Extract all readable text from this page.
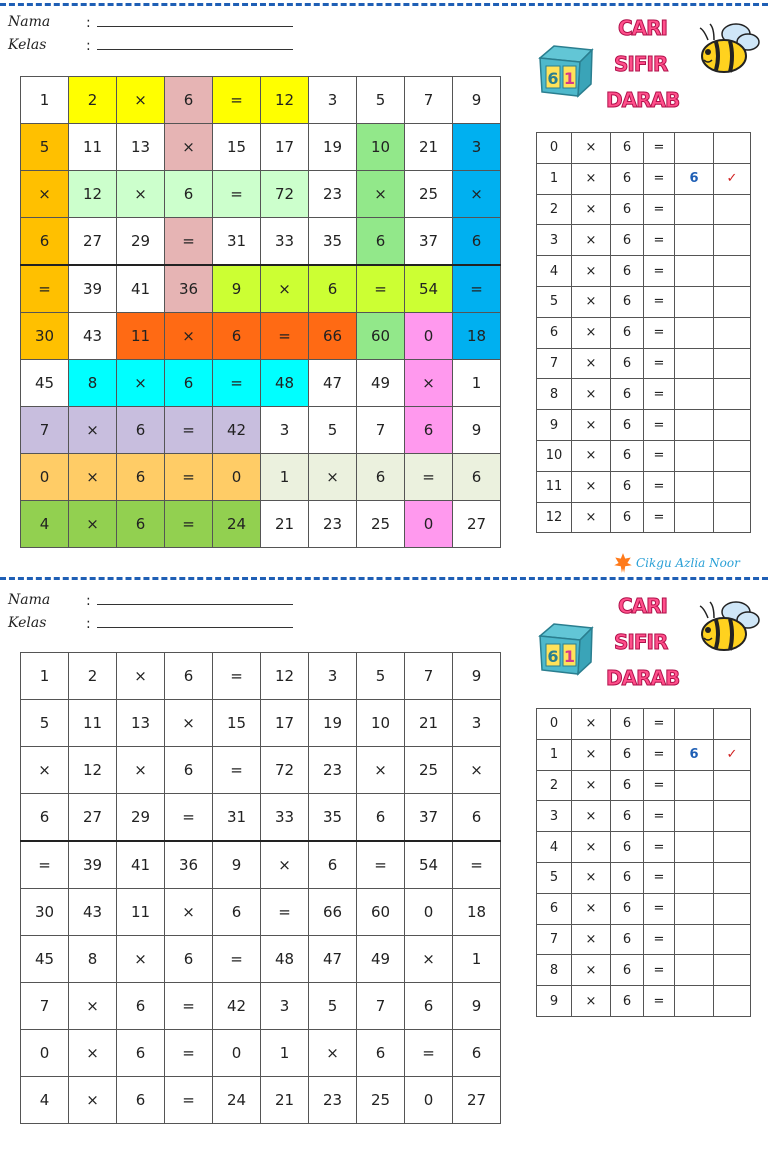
Nama	:
Kelas	:
1	2	×	6	=	12	3	5	7	9
5	11	13	×	15	17	19	10	21	3
×	12	×	6	=	72	23	×	25	×
6	27	29	=	31	33	35	6	37	6
=	39	41	36	9	×	6	=	54	=
30	43	11	×	6	=	66	60	0	18
45	8	×	6	=	48	47	49	×	1
7	×	6	=	42	3	5	7	6	9
0	×	6	=	0	1	×	6	=	6
4	×	6	=	24	21	23	25	0	27
6 1
CARI
SIFIR
DARAB
0	×	6	=		
1	×	6	=	6	✓
2	×	6	=		
3	×	6	=		
4	×	6	=		
5	×	6	=		
6	×	6	=		
7	×	6	=		
8	×	6	=		
9	×	6	=		
10	×	6	=		
11	×	6	=		
12	×	6	=		
Cikgu Azlia Noor
Nama	:
Kelas	:
1	2	×	6	=	12	3	5	7	9
5	11	13	×	15	17	19	10	21	3
×	12	×	6	=	72	23	×	25	×
6	27	29	=	31	33	35	6	37	6
=	39	41	36	9	×	6	=	54	=
30	43	11	×	6	=	66	60	0	18
45	8	×	6	=	48	47	49	×	1
7	×	6	=	42	3	5	7	6	9
0	×	6	=	0	1	×	6	=	6
4	×	6	=	24	21	23	25	0	27
6 1
CARI
SIFIR
DARAB
0	×	6	=		
1	×	6	=	6	✓
2	×	6	=		
3	×	6	=		
4	×	6	=		
5	×	6	=		
6	×	6	=		
7	×	6	=		
8	×	6	=		
9	×	6	=		
